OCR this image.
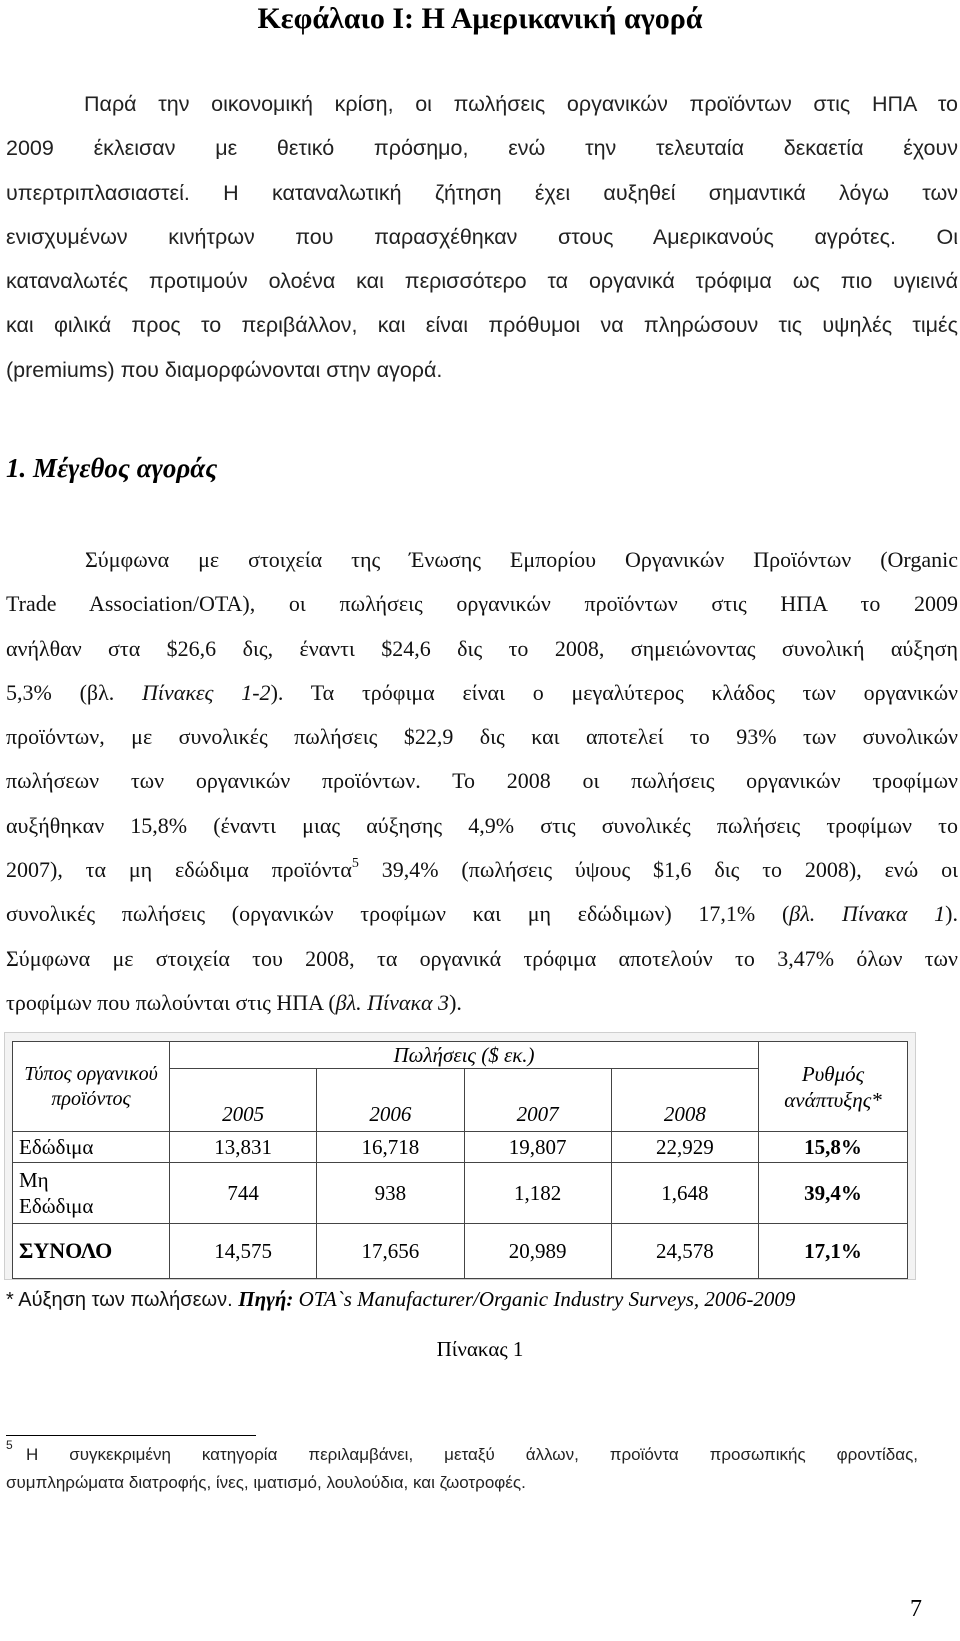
Κεφάλαιο Ι: Η Αμερικανική αγορά
Παρά την οικονομική κρίση, οι πωλήσεις οργανικών προϊόντων στις ΗΠΑ το
2009 έκλεισαν με θετικό πρόσημο, ενώ την τελευταία δεκαετία έχουν
υπερτριπλασιαστεί. Η καταναλωτική ζήτηση έχει αυξηθεί σημαντικά λόγω των
ενισχυμένων κινήτρων που παρασχέθηκαν στους Αμερικανούς αγρότες. Οι
καταναλωτές προτιμούν ολοένα και περισσότερο τα οργανικά τρόφιμα ως πιο υγιεινά
και φιλικά προς το περιβάλλον, και είναι πρόθυμοι να πληρώσουν τις υψηλές τιμές
(premiums) που διαμορφώνονται στην αγορά.
1. Μέγεθος αγοράς
Σύμφωνα με στοιχεία της Ένωσης Εμπορίου Οργανικών Προϊόντων (Organic
Trade Association/OTA), οι πωλήσεις οργανικών προϊόντων στις ΗΠΑ το 2009
ανήλθαν στα $26,6 δις, έναντι $24,6 δις το 2008, σημειώνοντας συνολική αύξηση
5,3% (βλ. Πίνακες 1-2). Τα τρόφιμα είναι ο μεγαλύτερος κλάδος των οργανικών
προϊόντων, με συνολικές πωλήσεις $22,9 δις και αποτελεί το 93% των συνολικών
πωλήσεων των οργανικών προϊόντων. Το 2008 οι πωλήσεις οργανικών τροφίμων
αυξήθηκαν 15,8% (έναντι μιας αύξησης 4,9% στις συνολικές πωλήσεις τροφίμων το
2007), τα μη εδώδιμα προϊόντα$^5$ 39,4% (πωλήσεις ύψους $1,6 δις το 2008), ενώ οι
συνολικές πωλήσεις (οργανικών τροφίμων και μη εδώδιμων) 17,1% (βλ. Πίνακα 1).
Σύμφωνα με στοιχεία του 2008, τα οργανικά τρόφιμα αποτελούν το 3,47% όλων των
τροφίμων που πωλούνται στις ΗΠΑ (βλ. Πίνακα 3).
Τύπος οργανικού προϊόντος	Πωλήσεις ($ εκ.)				Ρυθμός ανάπτυξης*
	2005	2006	2007	2008	
Εδώδιμα	13,831	16,718	19,807	22,929	15,8%
Μη Εδώδιμα	744	938	1,182	1,648	39,4%
ΣΥΝΟΛΟ	14,575	17,656	20,989	24,578	17,1%

* Αύξηση των πωλήσεων. Πηγή: OTA`s Manufacturer/Organic Industry Surveys, 2006-2009

Πίνακας 1

$^5$ Η συγκεκριμένη κατηγορία περιλαμβάνει, μεταξύ άλλων, προϊόντα προσωπικής φροντίδας,
συμπληρώματα διατροφής, ίνες, ιματισμό, λουλούδια, και ζωοτροφές.

7
